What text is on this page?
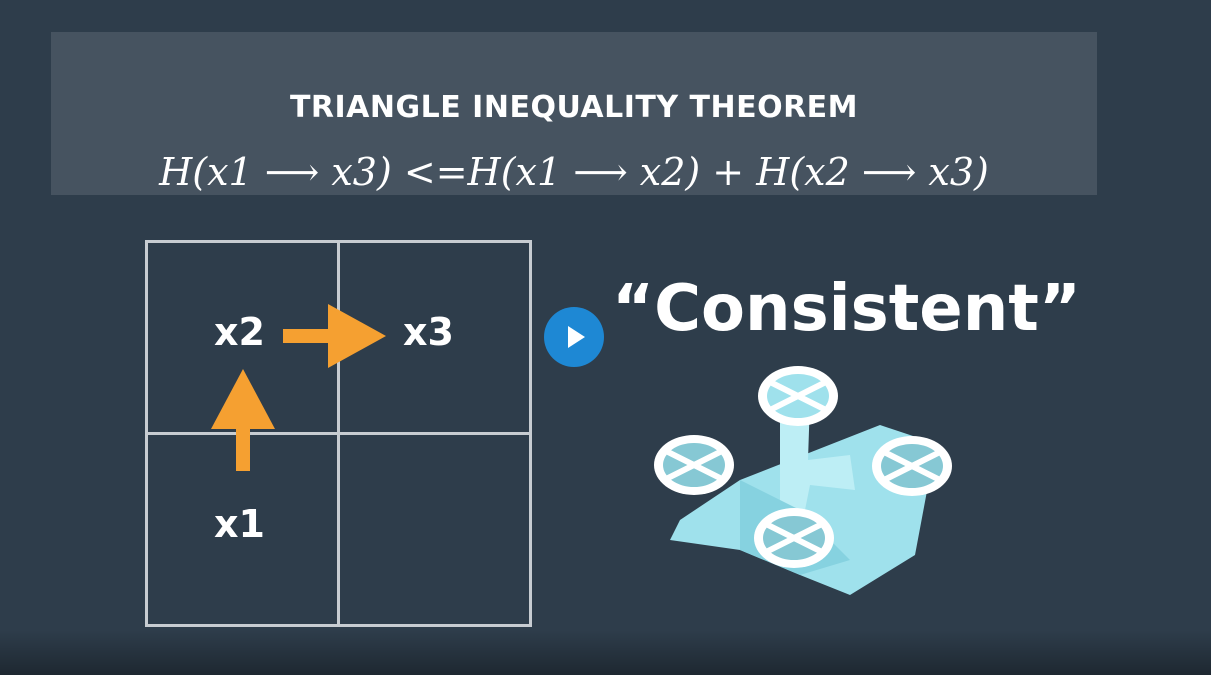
TRIANGLE INEQUALITY THEOREM
H(x1 ⟶ x3) <=H(x1 ⟶ x2) + H(x2 ⟶ x3)
x2	x3
x1
“Consistent”
